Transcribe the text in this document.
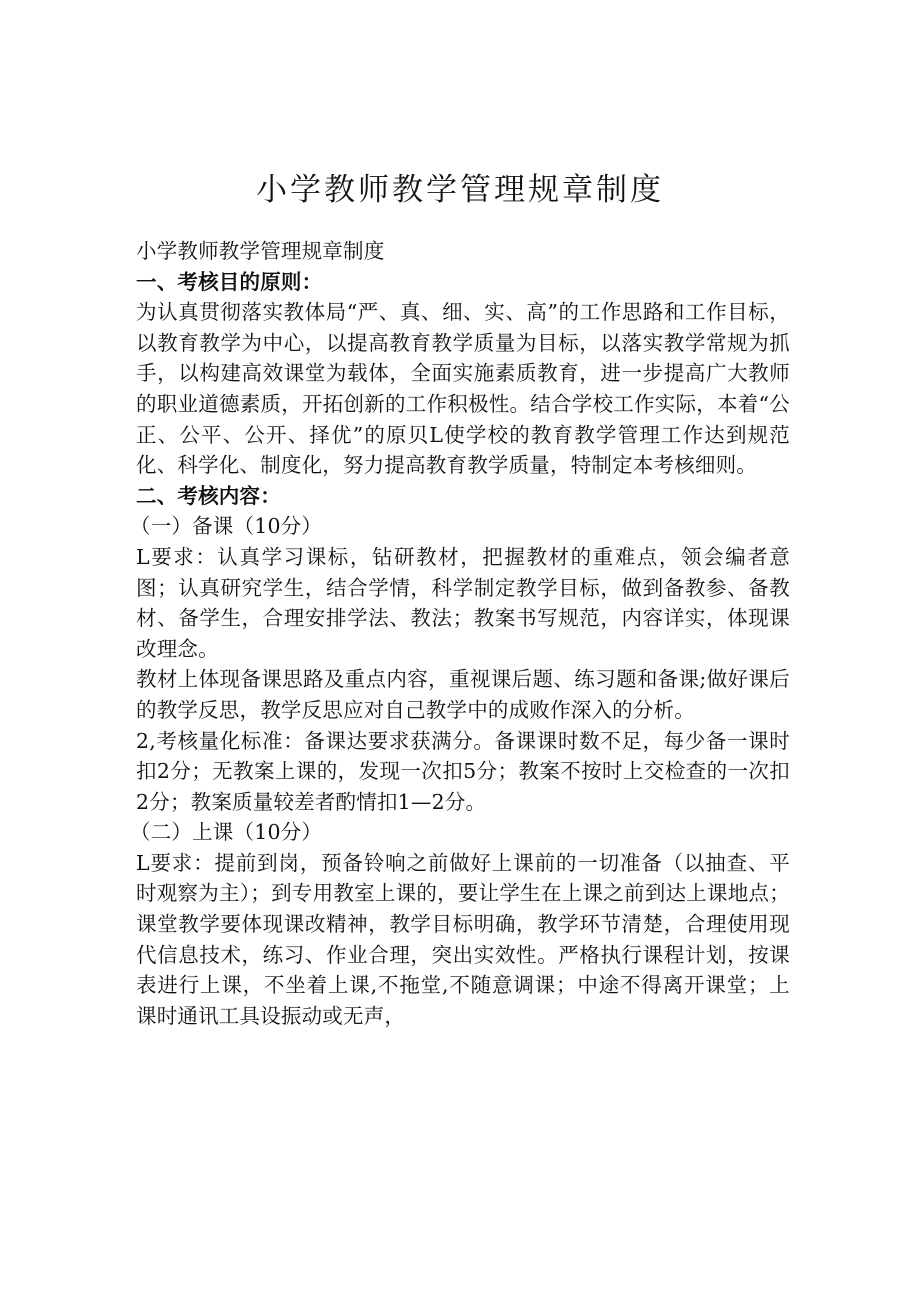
小学教师教学管理规章制度

小学教师教学管理规章制度

一、考核目的原则：

为认真贯彻落实教体局“严、真、细、实、高”的工作思路和工作目标，以教育教学为中心，以提高教育教学质量为目标，以落实教学常规为抓手，以构建高效课堂为载体，全面实施素质教育，进一步提高广大教师的职业道德素质，开拓创新的工作积极性。结合学校工作实际，本着“公正、公平、公开、择优”的原贝L使学校的教育教学管理工作达到规范化、科学化、制度化，努力提高教育教学质量，特制定本考核细则。

二、考核内容：

（一）备课（10分）

L要求：认真学习课标，钻研教材，把握教材的重难点，领会编者意图；认真研究学生，结合学情，科学制定教学目标，做到备教参、备教材、备学生，合理安排学法、教法；教案书写规范，内容详实，体现课改理念。

教材上体现备课思路及重点内容，重视课后题、练习题和备课;做好课后的教学反思，教学反思应对自己教学中的成败作深入的分析。

2,考核量化标准：备课达要求获满分。备课课时数不足，每少备一课时扣2分；无教案上课的，发现一次扣5分；教案不按时上交检查的一次扣2分；教案质量较差者酌情扣1—2分。

（二）上课（10分）

L要求：提前到岗，预备铃响之前做好上课前的一切准备（以抽查、平时观察为主）；到专用教室上课的，要让学生在上课之前到达上课地点；课堂教学要体现课改精神，教学目标明确，教学环节清楚，合理使用现代信息技术，练习、作业合理，突出实效性。严格执行课程计划，按课表进行上课，不坐着上课,不拖堂,不随意调课；中途不得离开课堂；上课时通讯工具设振动或无声，
